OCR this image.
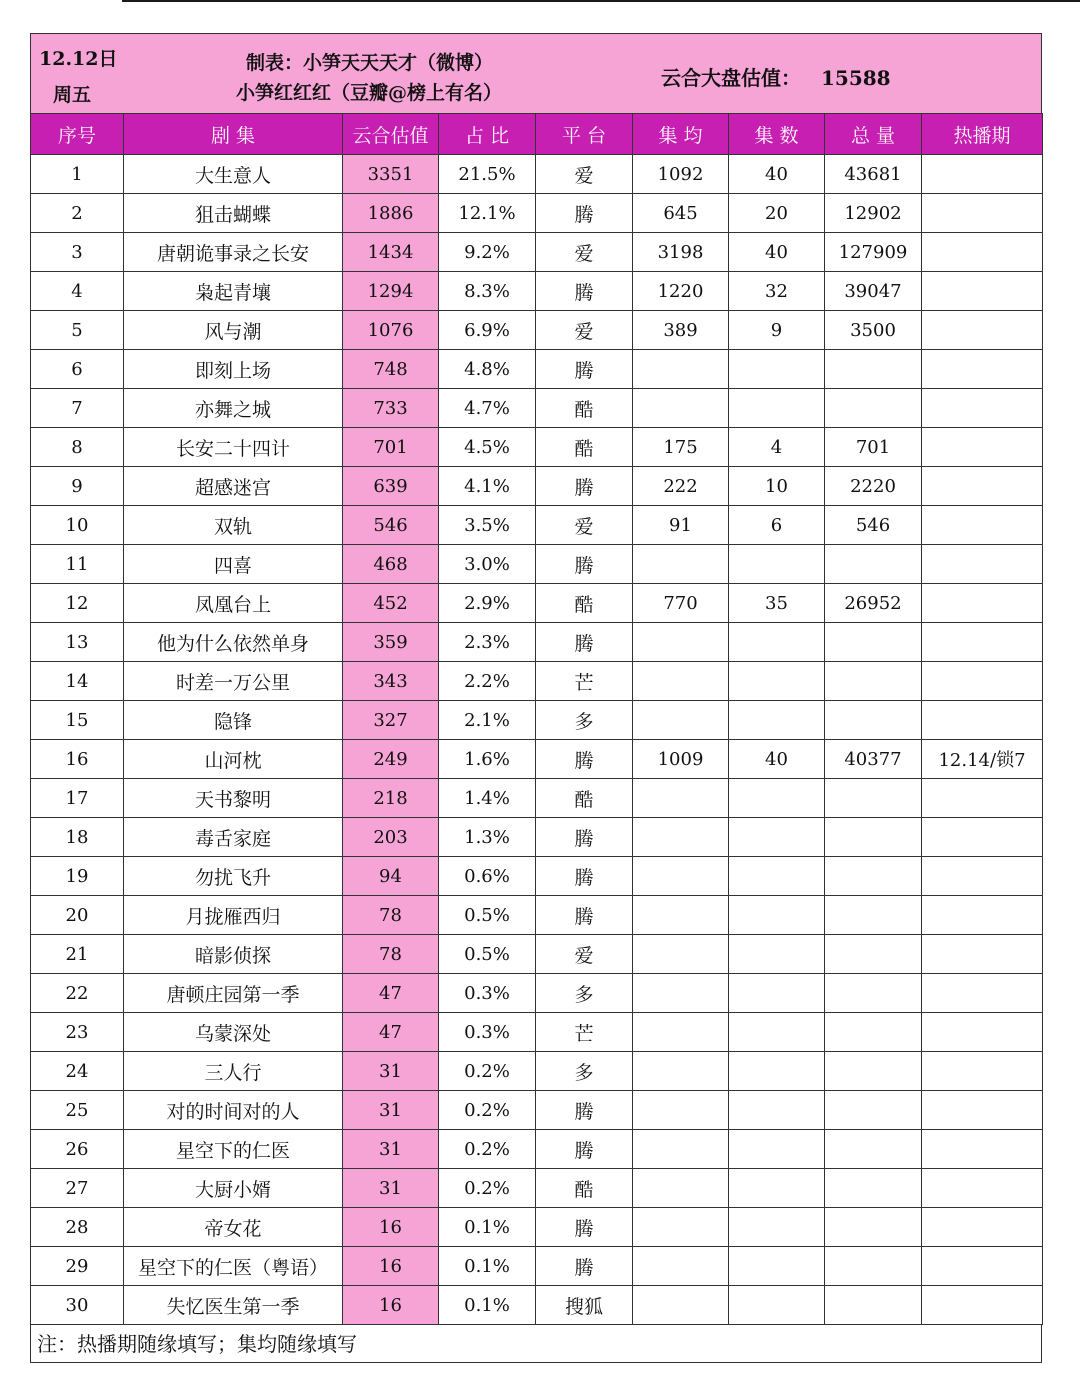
12.12日
周五
制表：小笋天天天才（微博）
小笋红红红（豆瓣@榜上有名）
云合大盘估值： 15588
序号	剧 集	云合估值	占 比	平 台	集 均	集 数	总 量	热播期
1	大生意人	3351	21.5%	爱	1092	40	43681	
2	狙击蝴蝶	1886	12.1%	腾	645	20	12902	
3	唐朝诡事录之长安	1434	9.2%	爱	3198	40	127909	
4	枭起青壤	1294	8.3%	腾	1220	32	39047	
5	风与潮	1076	6.9%	爱	389	9	3500	
6	即刻上场	748	4.8%	腾				
7	亦舞之城	733	4.7%	酷				
8	长安二十四计	701	4.5%	酷	175	4	701	
9	超感迷宫	639	4.1%	腾	222	10	2220	
10	双轨	546	3.5%	爱	91	6	546	
11	四喜	468	3.0%	腾				
12	凤凰台上	452	2.9%	酷	770	35	26952	
13	他为什么依然单身	359	2.3%	腾				
14	时差一万公里	343	2.2%	芒				
15	隐锋	327	2.1%	多				
16	山河枕	249	1.6%	腾	1009	40	40377	12.14/锁7
17	天书黎明	218	1.4%	酷				
18	毒舌家庭	203	1.3%	腾				
19	勿扰飞升	94	0.6%	腾				
20	月拢雁西归	78	0.5%	腾				
21	暗影侦探	78	0.5%	爱				
22	唐顿庄园第一季	47	0.3%	多				
23	乌蒙深处	47	0.3%	芒				
24	三人行	31	0.2%	多				
25	对的时间对的人	31	0.2%	腾				
26	星空下的仁医	31	0.2%	腾				
27	大厨小婿	31	0.2%	酷				
28	帝女花	16	0.1%	腾				
29	星空下的仁医（粤语）	16	0.1%	腾				
30	失忆医生第一季	16	0.1%	搜狐				
注：热播期随缘填写；集均随缘填写
